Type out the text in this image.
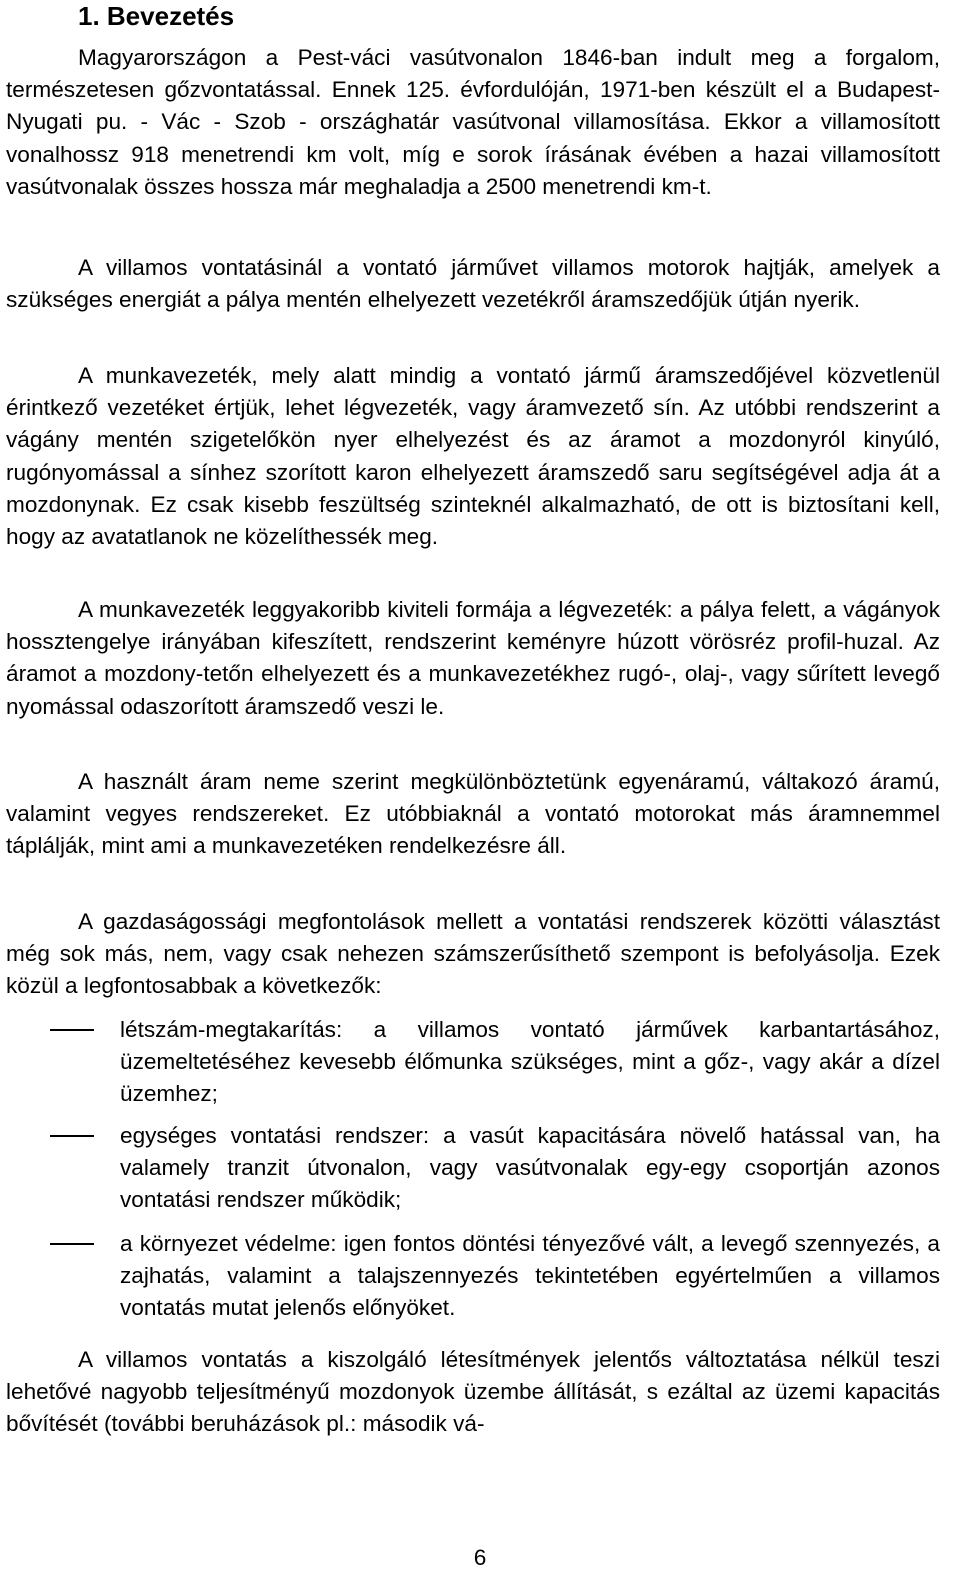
1. Bevezetés

Magyarországon a Pest-váci vasútvonalon 1846-ban indult meg a forgalom, természetesen gőzvontatással. Ennek 125. évfordulóján, 1971-ben készült el a Budapest-Nyugati pu. - Vác - Szob - országhatár vasútvonal villamosítása. Ekkor a villamosított vonalhossz 918 menetrendi km volt, míg e sorok írásának évében a hazai villamosított vasútvonalak összes hossza már meghaladja a 2500 menetrendi km-t.

A villamos vontatásinál a vontató járművet villamos motorok hajtják, amelyek a szükséges energiát a pálya mentén elhelyezett vezetékről áramszedőjük útján nyerik.

A munkavezeték, mely alatt mindig a vontató jármű áramszedőjével közvetlenül érintkező vezetéket értjük, lehet légvezeték, vagy áramvezető sín. Az utóbbi rendszerint a vágány mentén szigetelőkön nyer elhelyezést és az áramot a mozdonyról kinyúló, rugónyomással a sínhez szorított karon elhelyezett áramszedő saru segítségével adja át a mozdonynak. Ez csak kisebb feszültség szinteknél alkalmazható, de ott is biztosítani kell, hogy az avatatlanok ne közelíthessék meg.

A munkavezeték leggyakoribb kiviteli formája a légvezeték: a pálya felett, a vágányok hossztengelye irányában kifeszített, rendszerint keményre húzott vörösréz profil-huzal. Az áramot a mozdony-tetőn elhelyezett és a munkavezetékhez rugó-, olaj-, vagy sűrített levegő nyomással odaszorított áramszedő veszi le.

A használt áram neme szerint megkülönböztetünk egyenáramú, váltakozó áramú, valamint vegyes rendszereket. Ez utóbbiaknál a vontató motorokat más áramnemmel táplálják, mint ami a munkavezetéken rendelkezésre áll.

A gazdaságossági megfontolások mellett a vontatási rendszerek közötti választást még sok más, nem, vagy csak nehezen számszerűsíthető szempont is befolyásolja. Ezek közül a legfontosabbak a következők:

létszám-megtakarítás: a villamos vontató járművek karbantartásához, üzemeltetéséhez kevesebb élőmunka szükséges, mint a gőz-, vagy akár a dízel üzemhez;
egységes vontatási rendszer: a vasút kapacitására növelő hatással van, ha valamely tranzit útvonalon, vagy vasútvonalak egy-egy csoportján azonos vontatási rendszer működik;
a környezet védelme: igen fontos döntési tényezővé vált, a levegő szennyezés, a zajhatás, valamint a talajszennyezés tekintetében egyértelműen a villamos vontatás mutat jelenős előnyöket.

A villamos vontatás a kiszolgáló létesítmények jelentős változtatása nélkül teszi lehetővé nagyobb teljesítményű mozdonyok üzembe állítását, s ezáltal az üzemi kapacitás bővítését (további beruházások pl.: második vá-

6
